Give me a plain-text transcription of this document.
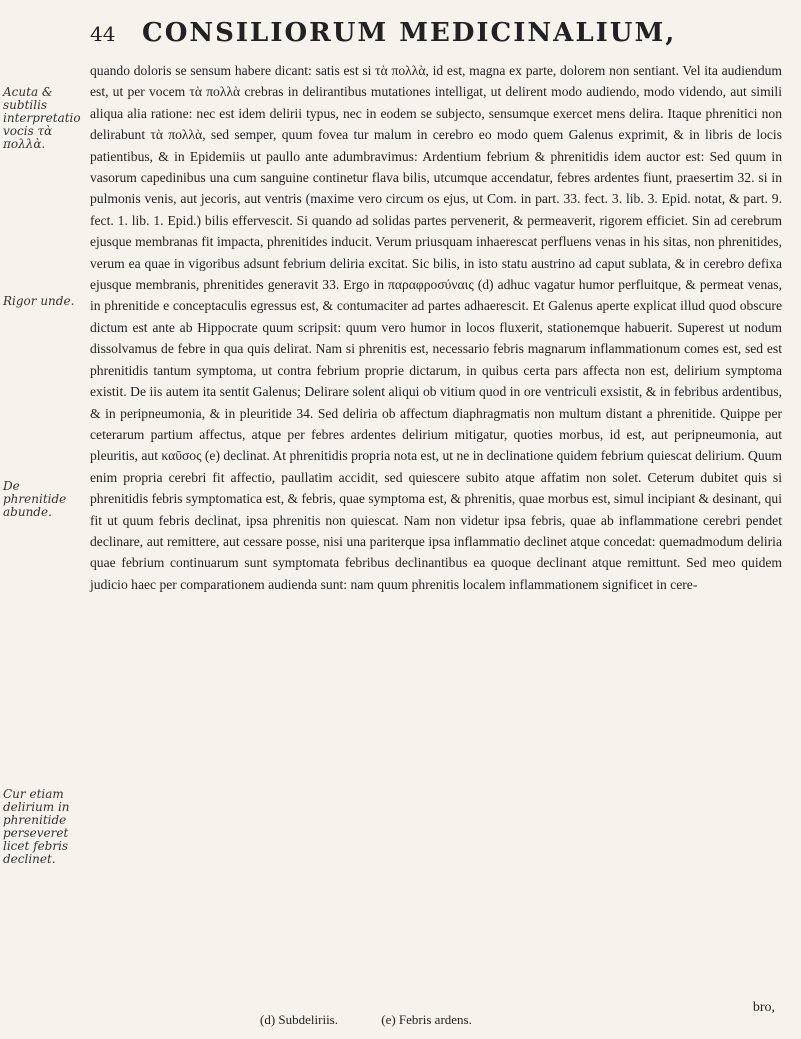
44 CONSILIORUM MEDICINALIUM,
Acuta & subtilis interpretatio vocis τὰ πολλὰ.
Rigor unde.
De phrenitide abunde.
Cur etiam delirium in phrenitide perseveret licet febris declinet.

quando doloris se sensum habere dicant: satis est si τὰ πολλὰ, id est, magna ex parte, dolorem non sentiant. Vel ita audiendum est, ut per vocem τὰ πολλὰ crebras in delirantibus mutationes intelligat, ut delirent modo audiendo, modo videndo, aut simili aliqua alia ratione: nec est idem delirii typus, nec in eodem se subjecto, sensumque exercet mens delira. Itaque phrenitici non delirabunt τὰ πολλὰ, sed semper, quum fovea tur malum in cerebro eo modo quem Galenus exprimit, & in libris de locis patientibus, & in Epidemiis ut paullo ante adumbravimus: Ardentium febrium & phrenitidis idem auctor est: Sed quum in vasorum capedinibus una cum sanguine continetur flava bilis, utcumque accendatur, febres ardentes fiunt, praesertim 32. si in pulmonis venis, aut jecoris, aut ventris (maxime vero circum os ejus, ut Com. in part. 33. fect. 3. lib. 3. Epid. notat, & part. 9. fect. 1. lib. 1. Epid.) bilis effervescit. Si quando ad solidas partes pervenerit, & permeaverit, rigorem efficiet. Sin ad cerebrum ejusque membranas fit impacta, phrenitides inducit. Verum priusquam inhaerescat perfluens venas in his sitas, non phrenitides, verum ea quae in vigoribus adsunt febrium deliria excitat. Sic bilis, in isto statu austrino ad caput sublata, & in cerebro defixa ejusque membranis, phrenitides generavit 33. Ergo in παραφροσύναις (d) adhuc vagatur humor perfluitque, & permeat venas, in phrenitide e conceptaculis egressus est, & contumaciter ad partes adhaerescit. Et Galenus aperte explicat illud quod obscure dictum est ante ab Hippocrate quum scripsit: quum vero humor in locos fluxerit, stationemque habuerit. Superest ut nodum dissolvamus de febre in qua quis delirat. Nam si phrenitis est, necessario febris magnarum inflammationum comes est, sed est phrenitidis tantum symptoma, ut contra febrium proprie dictarum, in quibus certa pars affecta non est, delirium symptoma existit. De iis autem ita sentit Galenus; Delirare solent aliqui ob vitium quod in ore ventriculi exsistit, & in febribus ardentibus, & in peripneumonia, & in pleuritide 34. Sed deliria ob affectum diaphragmatis non multum distant a phrenitide. Quippe per ceterarum partium affectus, atque per febres ardentes delirium mitigatur, quoties morbus, id est, aut peripneumonia, aut pleuritis, aut καῦσος (e) declinat. At phrenitidis propria nota est, ut ne in declinatione quidem febrium quiescat delirium. Quum enim propria cerebri fit affectio, paullatim accidit, sed quiescere subito atque affatim non solet. Ceterum dubitet quis si phrenitidis febris symptomatica est, & febris, quae symptoma est, & phrenitis, quae morbus est, simul incipiant & desinant, qui fit ut quum febris declinat, ipsa phrenitis non quiescat. Nam non videtur ipsa febris, quae ab inflammatione cerebri pendet declinare, aut remittere, aut cessare posse, nisi una pariterque ipsa inflammatio declinet atque concedat: quemadmodum deliria quae febrium continuarum sunt symptomata febribus declinantibus ea quoque declinant atque remittunt. Sed meo quidem judicio haec per comparationem audienda sunt: nam quum phrenitis localem inflammationem significet in cere-

bro,
(d) Subdeliriis.	(e) Febris ardens.
